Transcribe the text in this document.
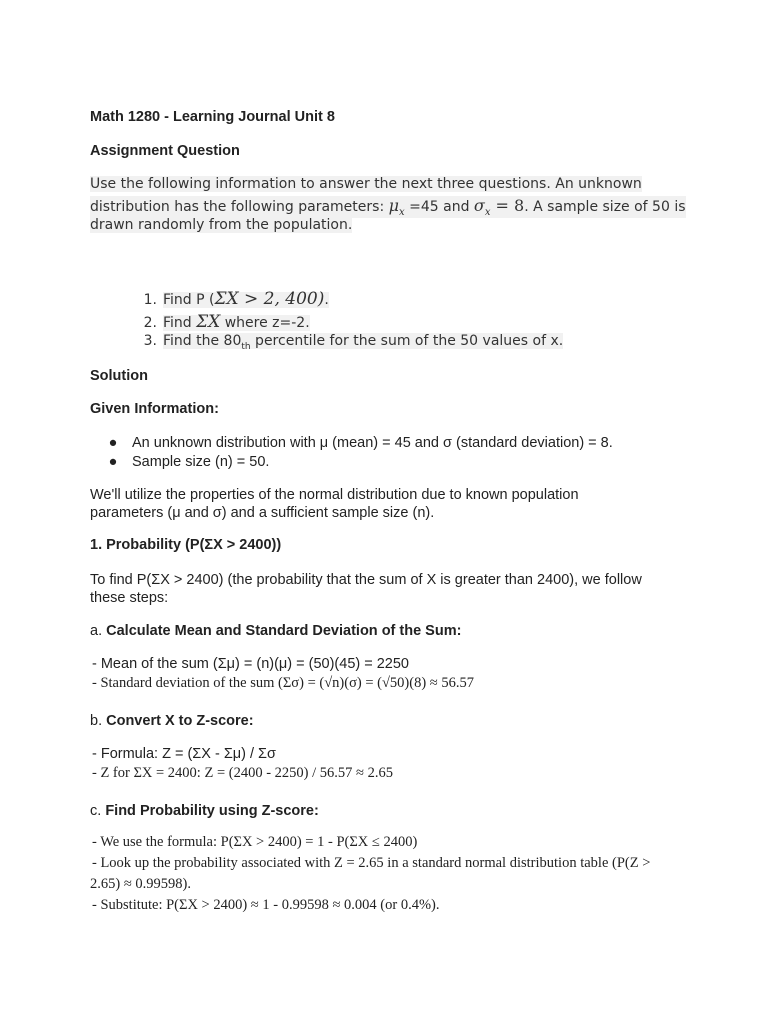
Math 1280 - Learning Journal Unit 8
Assignment Question
Use the following information to answer the next three questions. An unknown
distribution has the following parameters: $\mu_x =45$ and $\sigma_x = 8$. A sample size of 50 is
drawn randomly from the population.
1. Find P (ΣX > 2, 400).
2. Find ΣX where z=-2.
3. Find the $80_{th}$ percentile for the sum of the 50 values of x.
Solution
Given Information:
● An unknown distribution with μ (mean) = 45 and σ (standard deviation) = 8.
● Sample size (n) = 50.
We'll utilize the properties of the normal distribution due to known population
parameters (μ and σ) and a sufficient sample size (n).
1. Probability (P(ΣX > 2400))
To find P(ΣX > 2400) (the probability that the sum of X is greater than 2400), we follow
these steps:
a. Calculate Mean and Standard Deviation of the Sum:
- Mean of the sum (Σμ) = (n)(μ) = (50)(45) = 2250
- Standard deviation of the sum (Σσ) = (√n)(σ) = (√50)(8) ≈ 56.57
b. Convert X to Z-score:
- Formula: Z = (ΣX - Σμ) / Σσ
- Z for ΣX = 2400: Z = (2400 - 2250) / 56.57 ≈ 2.65
c. Find Probability using Z-score:
- We use the formula: P(ΣX > 2400) = 1 - P(ΣX ≤ 2400)
- Look up the probability associated with Z = 2.65 in a standard normal distribution table (P(Z >
2.65) ≈ 0.99598).
- Substitute: P(ΣX > 2400) ≈ 1 - 0.99598 ≈ 0.004 (or 0.4%).
